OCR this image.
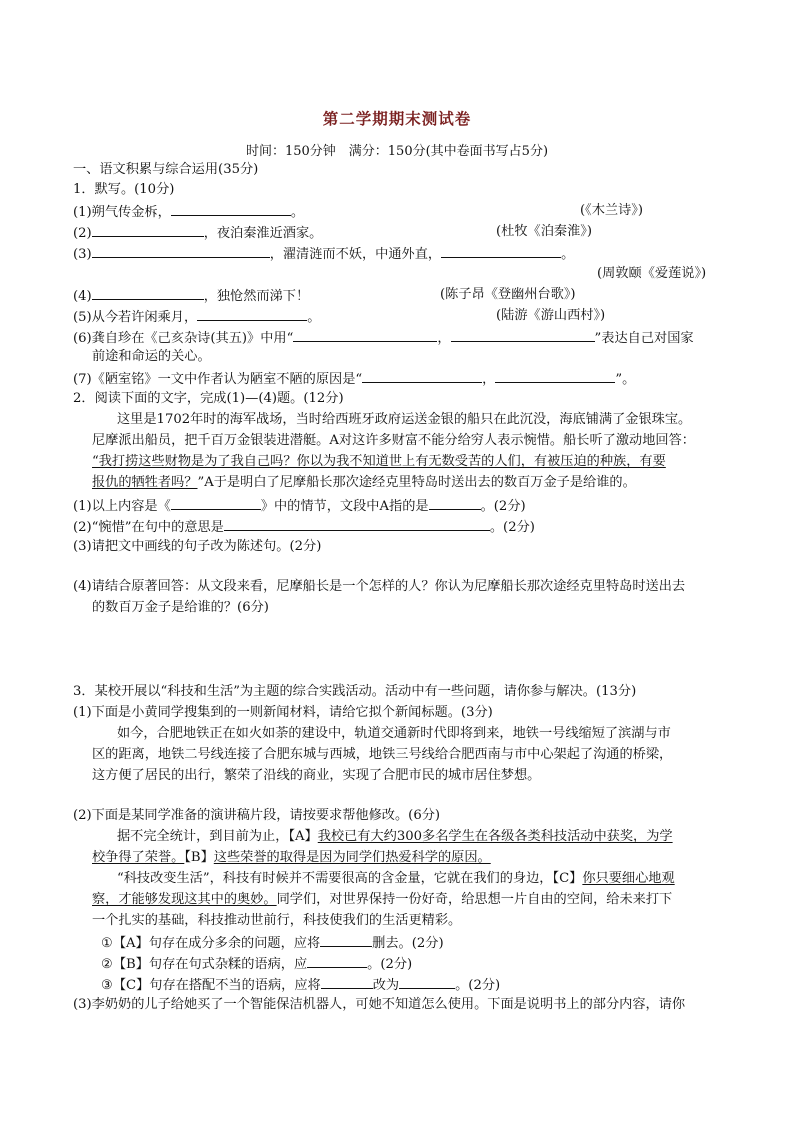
第二学期期末测试卷
时间：150分钟　满分：150分(其中卷面书写占5分)
一、语文积累与综合运用(35分)
1．默写。(10分)
(1)朔气传金柝，	。	(《木兰诗》)
(2)	，夜泊秦淮近酒家。	(杜牧《泊秦淮》)
(3)	，濯清涟而不妖，中通外直，	。
(周敦颐《爱莲说》)
(4)	，独怆然而涕下！	(陈子昂《登幽州台歌》)
(5)从今若许闲乘月，	。	(陆游《游山西村》)
(6)龚自珍在《己亥杂诗(其五)》中用“	，	”表达自己对国家
前途和命运的关心。
(7)《陋室铭》一文中作者认为陋室不陋的原因是“	，	”。
2．阅读下面的文字，完成(1)—(4)题。(12分)
这里是1702年时的海军战场，当时给西班牙政府运送金银的船只在此沉没，海底铺满了金银珠宝。
尼摩派出船员，把千百万金银装进潜艇。A对这许多财富不能分给穷人表示惋惜。船长听了激动地回答：
“我打捞这些财物是为了我自己吗？你以为我不知道世上有无数受苦的人们，有被压迫的种族，有要
报仇的牺牲者吗？”A于是明白了尼摩船长那次途经克里特岛时送出去的数百万金子是给谁的。
(1)以上内容是《	》中的情节，文段中A指的是	。(2分)
(2)“惋惜”在句中的意思是	。(2分)
(3)请把文中画线的句子改为陈述句。(2分)
(4)请结合原著回答：从文段来看，尼摩船长是一个怎样的人？你认为尼摩船长那次途经克里特岛时送出去
的数百万金子是给谁的？(6分)
3．某校开展以“科技和生活”为主题的综合实践活动。活动中有一些问题，请你参与解决。(13分)
(1)下面是小黄同学搜集到的一则新闻材料，请给它拟个新闻标题。(3分)
如今，合肥地铁正在如火如荼的建设中，轨道交通新时代即将到来，地铁一号线缩短了滨湖与市
区的距离，地铁二号线连接了合肥东城与西城，地铁三号线给合肥西南与市中心架起了沟通的桥梁，
这方便了居民的出行，繁荣了沿线的商业，实现了合肥市民的城市居住梦想。
(2)下面是某同学准备的演讲稿片段，请按要求帮他修改。(6分)
据不完全统计，到目前为止，【A】我校已有大约300多名学生在各级各类科技活动中获奖，为学
校争得了荣誉。【B】这些荣誉的取得是因为同学们热爱科学的原因。
“科技改变生活”，科技有时候并不需要很高的含金量，它就在我们的身边，【C】你只要细心地观
察，才能够发现这其中的奥妙。同学们，对世界保持一份好奇，给思想一片自由的空间，给未来打下
一个扎实的基础，科技推动世前行，科技使我们的生活更精彩。
①【A】句存在成分多余的问题，应将	删去。(2分)
②【B】句存在句式杂糅的语病，应	。(2分)
③【C】句存在搭配不当的语病，应将	改为	。(2分)
(3)李奶奶的儿子给她买了一个智能保洁机器人，可她不知道怎么使用。下面是说明书上的部分内容，请你
